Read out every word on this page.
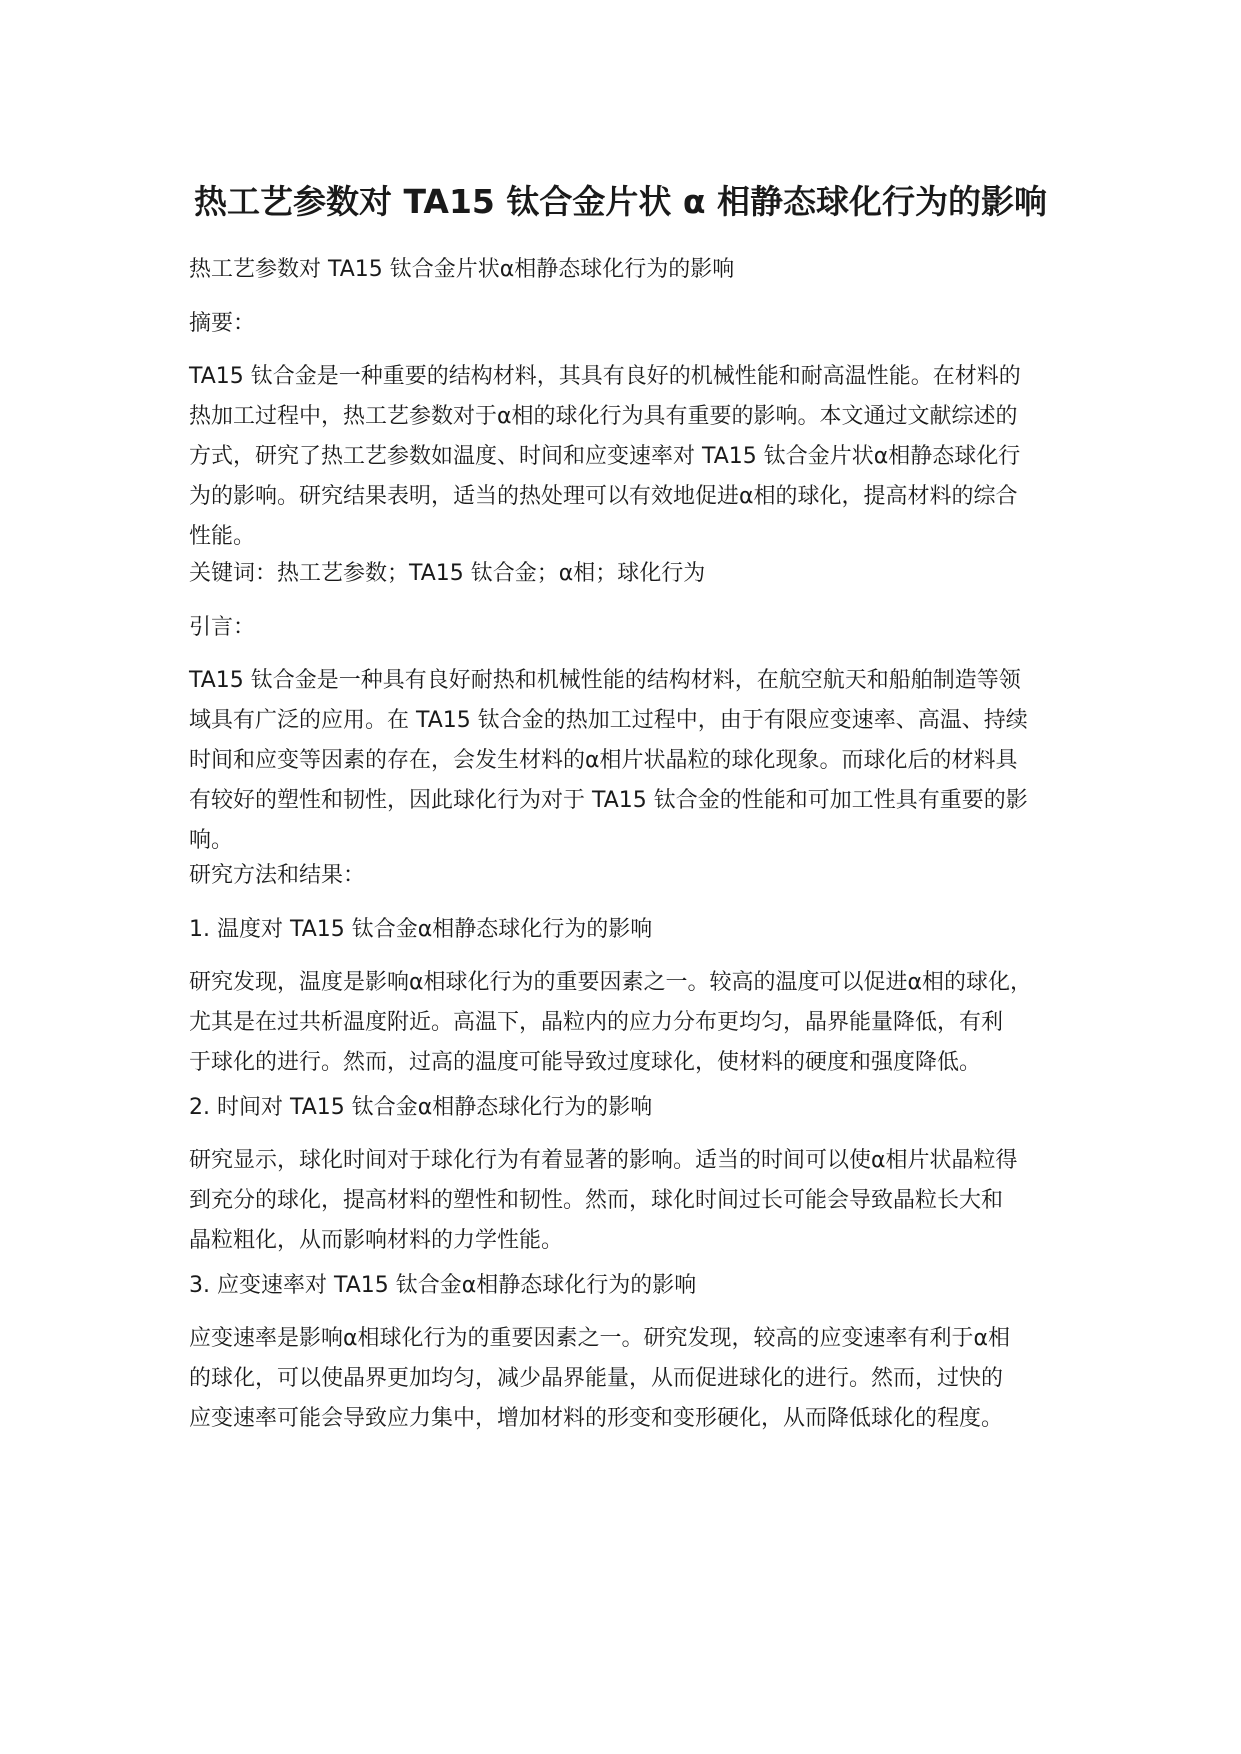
热工艺参数对 TA15 钛合金片状 α 相静态球化行为的影响

热工艺参数对 TA15 钛合金片状α相静态球化行为的影响

摘要：

TA15 钛合金是一种重要的结构材料，其具有良好的机械性能和耐高温性能。在材料的
热加工过程中，热工艺参数对于α相的球化行为具有重要的影响。本文通过文献综述的
方式，研究了热工艺参数如温度、时间和应变速率对 TA15 钛合金片状α相静态球化行
为的影响。研究结果表明，适当的热处理可以有效地促进α相的球化，提高材料的综合
性能。

关键词：热工艺参数；TA15 钛合金；α相；球化行为

引言：

TA15 钛合金是一种具有良好耐热和机械性能的结构材料，在航空航天和船舶制造等领
域具有广泛的应用。在 TA15 钛合金的热加工过程中，由于有限应变速率、高温、持续
时间和应变等因素的存在，会发生材料的α相片状晶粒的球化现象。而球化后的材料具
有较好的塑性和韧性，因此球化行为对于 TA15 钛合金的性能和可加工性具有重要的影
响。

研究方法和结果：

1. 温度对 TA15 钛合金α相静态球化行为的影响

研究发现，温度是影响α相球化行为的重要因素之一。较高的温度可以促进α相的球化，
尤其是在过共析温度附近。高温下，晶粒内的应力分布更均匀，晶界能量降低，有利
于球化的进行。然而，过高的温度可能导致过度球化，使材料的硬度和强度降低。

2. 时间对 TA15 钛合金α相静态球化行为的影响

研究显示，球化时间对于球化行为有着显著的影响。适当的时间可以使α相片状晶粒得
到充分的球化，提高材料的塑性和韧性。然而，球化时间过长可能会导致晶粒长大和
晶粒粗化，从而影响材料的力学性能。

3. 应变速率对 TA15 钛合金α相静态球化行为的影响

应变速率是影响α相球化行为的重要因素之一。研究发现，较高的应变速率有利于α相
的球化，可以使晶界更加均匀，减少晶界能量，从而促进球化的进行。然而，过快的
应变速率可能会导致应力集中，增加材料的形变和变形硬化，从而降低球化的程度。
